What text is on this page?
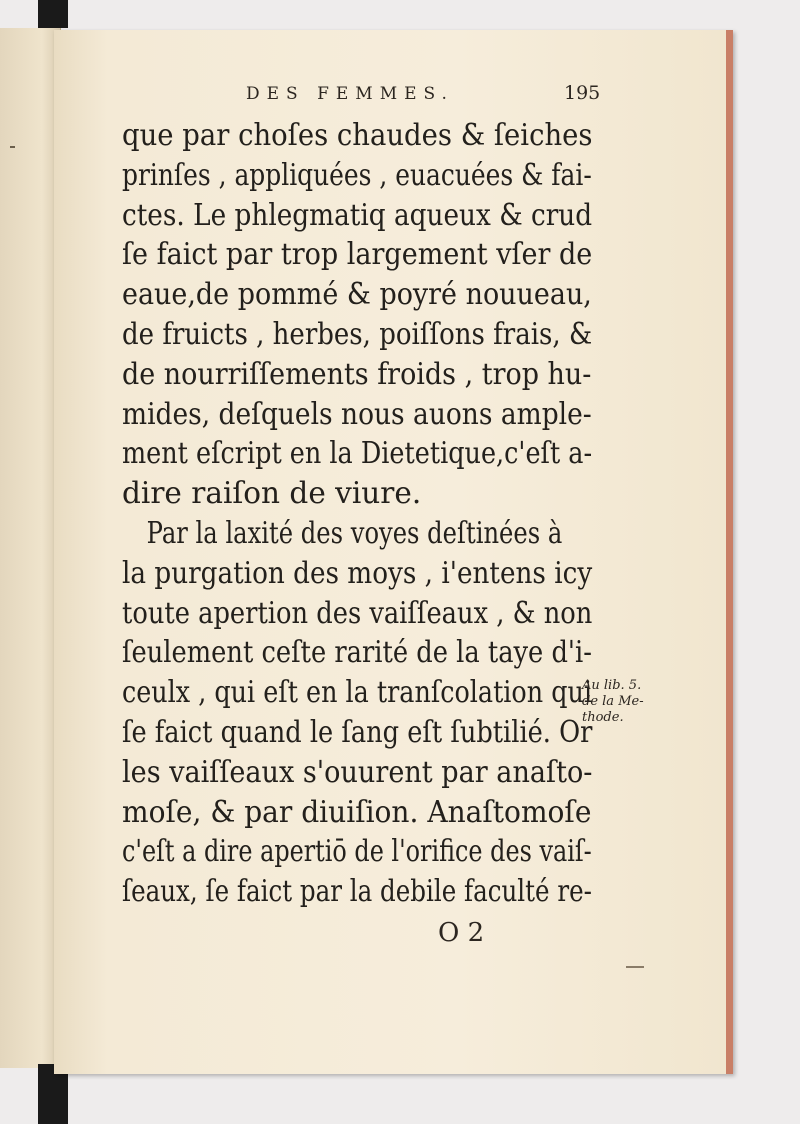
DES FEMMES.	195
que par choſes chaudes & ſeiches
prinſes , appliquées , euacuées & fai-
ctes. Le phlegmatiq aqueux & crud
ſe faict par trop largement vſer de
eaue,de pommé & poyré nouueau,
de fruicts , herbes, poiſſons frais, &
de nourriſſements froids , trop hu-
mides, deſquels nous auons ample-
ment eſcript en la Dietetique,c'eſt a-
dire raiſon de viure.
Par la laxité des voyes deſtinées à
la purgation des moys , i'entens icy
toute apertion des vaiſſeaux , & non
ſeulement ceſte rarité de la taye d'i-
ceulx , qui eſt en la tranſcolation qui
ſe faict quand le ſang eſt ſubtilié. Or
les vaiſſeaux s'ouurent par anaſto-
moſe, & par diuiſion. Anaſtomoſe
c'eſt a dire apertiō de l'orifice des vaiſ-
ſeaux, ſe faict par la debile faculté re-
Au lib. 5.
de la Me-
thode.
O 2
